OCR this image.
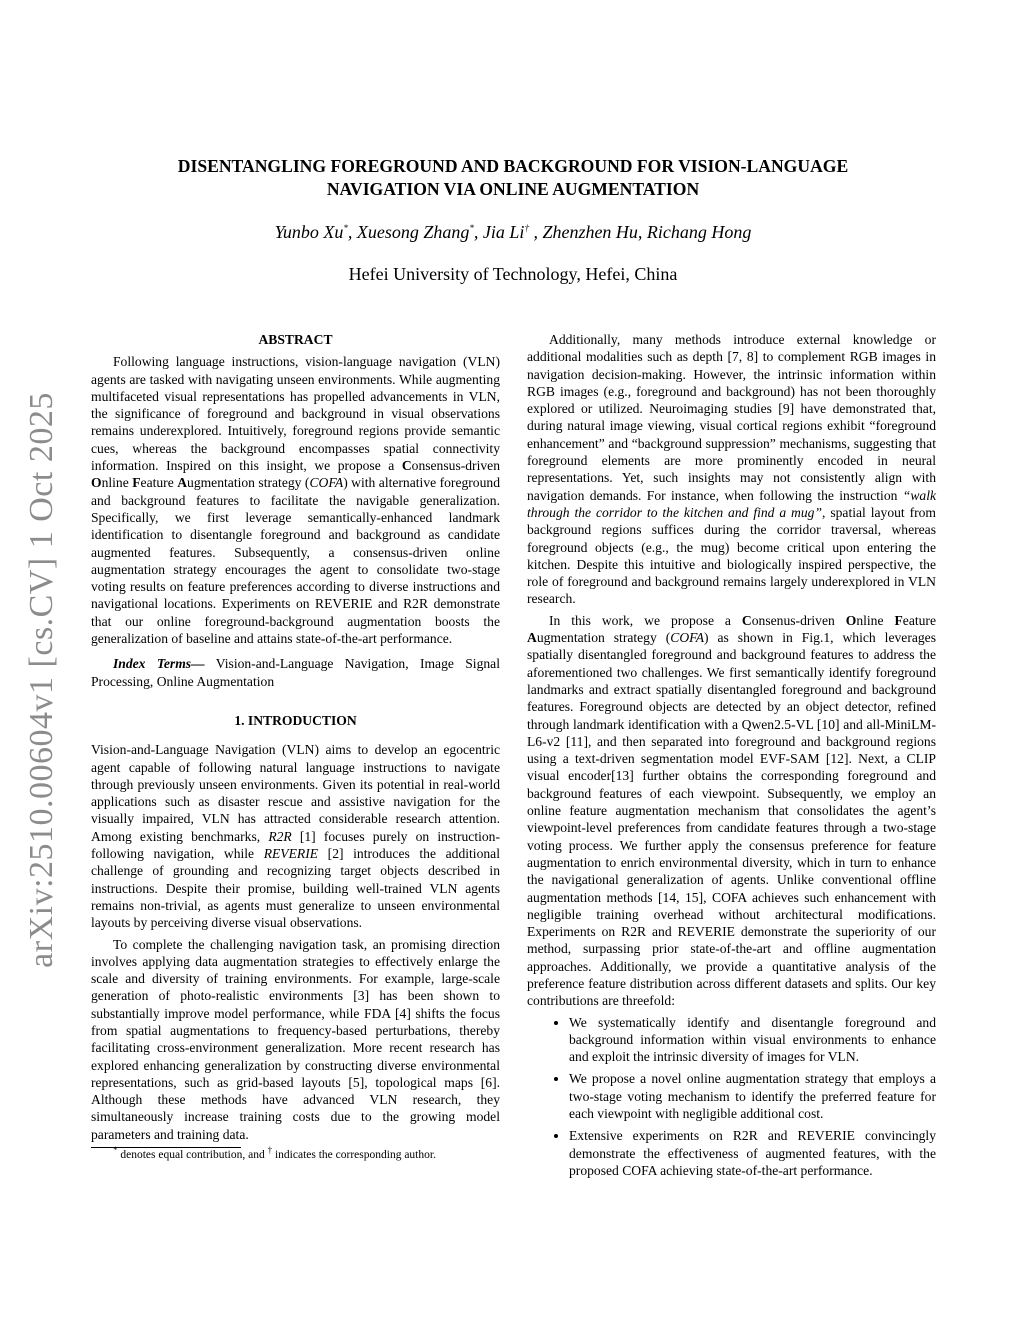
arXiv:2510.00604v1 [cs.CV] 1 Oct 2025
DISENTANGLING FOREGROUND AND BACKGROUND FOR VISION-LANGUAGE
NAVIGATION VIA ONLINE AUGMENTATION
Yunbo Xu*, Xuesong Zhang*, Jia Li† , Zhenzhen Hu, Richang Hong
Hefei University of Technology, Hefei, China
ABSTRACT

Following language instructions, vision-language navigation (VLN) agents are tasked with navigating unseen environments. While augmenting multifaceted visual representations has propelled advancements in VLN, the significance of foreground and background in visual observations remains underexplored. Intuitively, foreground regions provide semantic cues, whereas the background encompasses spatial connectivity information. Inspired on this insight, we propose a Consensus-driven Online Feature Augmentation strategy (COFA) with alternative foreground and background features to facilitate the navigable generalization. Specifically, we first leverage semantically-enhanced landmark identification to disentangle foreground and background as candidate augmented features. Subsequently, a consensus-driven online augmentation strategy encourages the agent to consolidate two-stage voting results on feature preferences according to diverse instructions and navigational locations. Experiments on REVERIE and R2R demonstrate that our online foreground-background augmentation boosts the generalization of baseline and attains state-of-the-art performance.

Index Terms— Vision-and-Language Navigation, Image Signal Processing, Online Augmentation

1. INTRODUCTION

Vision-and-Language Navigation (VLN) aims to develop an egocentric agent capable of following natural language instructions to navigate through previously unseen environments. Given its potential in real-world applications such as disaster rescue and assistive navigation for the visually impaired, VLN has attracted considerable research attention. Among existing benchmarks, R2R [1] focuses purely on instruction-following navigation, while REVERIE [2] introduces the additional challenge of grounding and recognizing target objects described in instructions. Despite their promise, building well-trained VLN agents remains non-trivial, as agents must generalize to unseen environmental layouts by perceiving diverse visual observations.

To complete the challenging navigation task, an promising direction involves applying data augmentation strategies to effectively enlarge the scale and diversity of training environments. For example, large-scale generation of photo-realistic environments [3] has been shown to substantially improve model performance, while FDA [4] shifts the focus from spatial augmentations to frequency-based perturbations, thereby facilitating cross-environment generalization. More recent research has explored enhancing generalization by constructing diverse environmental representations, such as grid-based layouts [5], topological maps [6]. Although these methods have advanced VLN research, they simultaneously increase training costs due to the growing model parameters and training data.

* denotes equal contribution, and † indicates the corresponding author.

Additionally, many methods introduce external knowledge or additional modalities such as depth [7, 8] to complement RGB images in navigation decision-making. However, the intrinsic information within RGB images (e.g., foreground and background) has not been thoroughly explored or utilized. Neuroimaging studies [9] have demonstrated that, during natural image viewing, visual cortical regions exhibit “foreground enhancement” and “background suppression” mechanisms, suggesting that foreground elements are more prominently encoded in neural representations. Yet, such insights may not consistently align with navigation demands. For instance, when following the instruction “walk through the corridor to the kitchen and find a mug”, spatial layout from background regions suffices during the corridor traversal, whereas foreground objects (e.g., the mug) become critical upon entering the kitchen. Despite this intuitive and biologically inspired perspective, the role of foreground and background remains largely underexplored in VLN research.

In this work, we propose a Consenus-driven Online Feature Augmentation strategy (COFA) as shown in Fig.1, which leverages spatially disentangled foreground and background features to address the aforementioned two challenges. We first semantically identify foreground landmarks and extract spatially disentangled foreground and background features. Foreground objects are detected by an object detector, refined through landmark identification with a Qwen2.5-VL [10] and all-MiniLM-L6-v2 [11], and then separated into foreground and background regions using a text-driven segmentation model EVF-SAM [12]. Next, a CLIP visual encoder[13] further obtains the corresponding foreground and background features of each viewpoint. Subsequently, we employ an online feature augmentation mechanism that consolidates the agent’s viewpoint-level preferences from candidate features through a two-stage voting process. We further apply the consensus preference for feature augmentation to enrich environmental diversity, which in turn to enhance the navigational generalization of agents. Unlike conventional offline augmentation methods [14, 15], COFA achieves such enhancement with negligible training overhead without architectural modifications. Experiments on R2R and REVERIE demonstrate the superiority of our method, surpassing prior state-of-the-art and offline augmentation approaches. Additionally, we provide a quantitative analysis of the preference feature distribution across different datasets and splits. Our key contributions are threefold:

• We systematically identify and disentangle foreground and background information within visual environments to enhance and exploit the intrinsic diversity of images for VLN.
• We propose a novel online augmentation strategy that employs a two-stage voting mechanism to identify the preferred feature for each viewpoint with negligible additional cost.
• Extensive experiments on R2R and REVERIE convincingly demonstrate the effectiveness of augmented features, with the proposed COFA achieving state-of-the-art performance.
